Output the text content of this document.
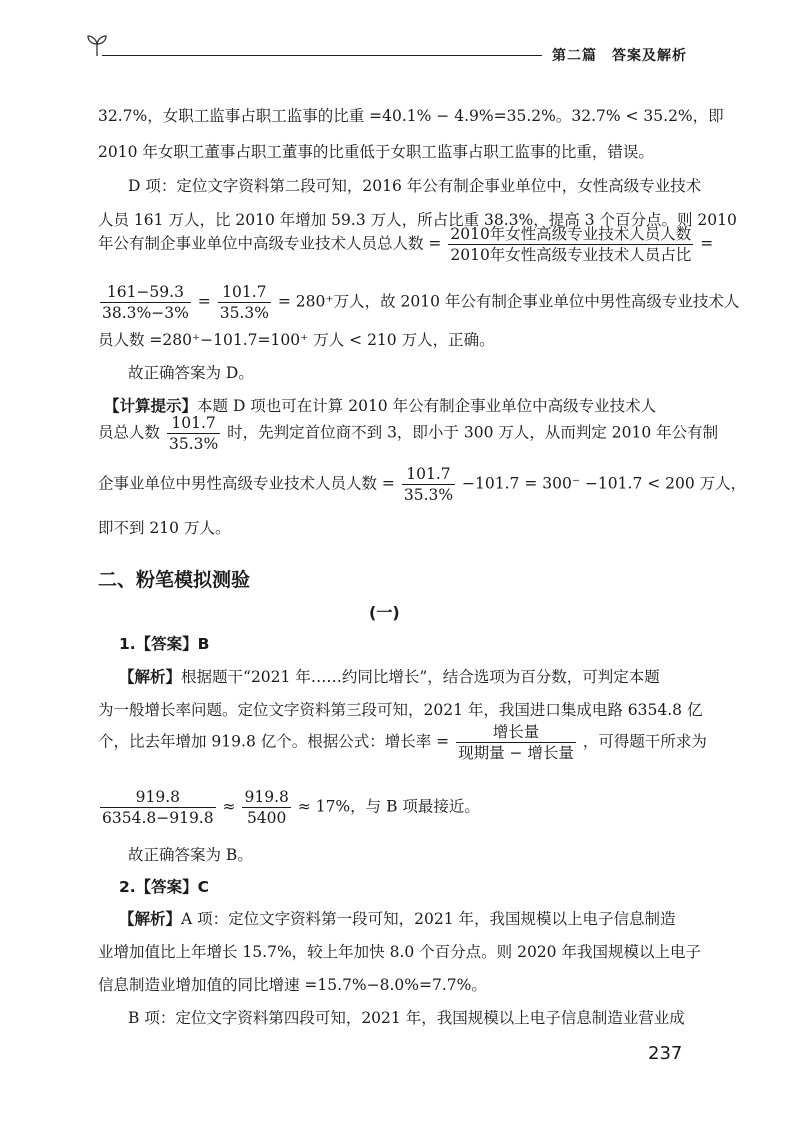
第二篇　答案及解析
32.7%，女职工监事占职工监事的比重 =40.1% − 4.9%=35.2%。32.7% < 35.2%，即
2010 年女职工董事占职工董事的比重低于女职工监事占职工监事的比重，错误。
D 项：定位文字资料第二段可知，2016 年公有制企事业单位中，女性高级专业技术
人员 161 万人，比 2010 年增加 59.3 万人，所占比重 38.3%，提高 3 个百分点。则 2010
年公有制企事业单位中高级专业技术人员总人数 = $\frac{\text{2010年女性高级专业技术人员人数}}{\text{2010年女性高级专业技术人员占比}}$ =
$\frac{161-59.3}{38.3\%-3\%} = \frac{101.7}{35.3\%} = 280^+$万人，故 2010 年公有制企事业单位中男性高级专业技术人
员人数 =280⁺−101.7=100⁺ 万人 < 210 万人，正确。
故正确答案为 D。
【计算提示】本题 D 项也可在计算 2010 年公有制企事业单位中高级专业技术人
员总人数 $\frac{101.7}{35.3\%}$ 时，先判定首位商不到 3，即小于 300 万人，从而判定 2010 年公有制
企事业单位中男性高级专业技术人员人数 = $\frac{101.7}{35.3\%} -101.7 = 300^- -101.7 < 200$ 万人，
即不到 210 万人。
二、粉笔模拟测验
(一)
1.【答案】B
【解析】根据题干“2021 年……约同比增长”，结合选项为百分数，可判定本题
为一般增长率问题。定位文字资料第三段可知，2021 年，我国进口集成电路 6354.8 亿
个，比去年增加 919.8 亿个。根据公式：增长率 = $\frac{\text{增长量}}{\text{现期量 − 增长量}}$ ，可得题干所求为
$\frac{919.8}{6354.8-919.8} \approx \frac{919.8}{5400} \approx 17\%$，与 B 项最接近。
故正确答案为 B。
2.【答案】C
【解析】A 项：定位文字资料第一段可知，2021 年，我国规模以上电子信息制造
业增加值比上年增长 15.7%，较上年加快 8.0 个百分点。则 2020 年我国规模以上电子
信息制造业增加值的同比增速 =15.7%−8.0%=7.7%。
B 项：定位文字资料第四段可知，2021 年，我国规模以上电子信息制造业营业成
237
